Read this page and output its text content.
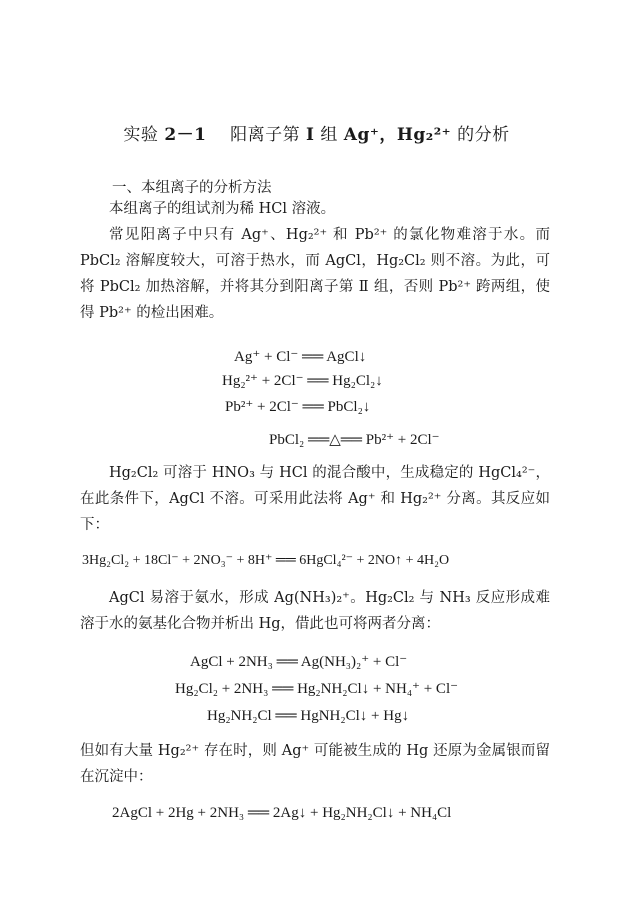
实验 2－1 阳离子第 Ⅰ 组 Ag⁺，Hg₂²⁺ 的分析
一、本组离子的分析方法
本组离子的组试剂为稀 HCl 溶液。
常见阳离子中只有 Ag⁺、Hg₂²⁺ 和 Pb²⁺ 的氯化物难溶于水。而 PbCl₂ 溶解度较大，可溶于热水，而 AgCl，Hg₂Cl₂ 则不溶。为此，可将 PbCl₂ 加热溶解，并将其分到阳离子第 Ⅱ 组，否则 Pb²⁺ 跨两组，使得 Pb²⁺ 的检出困难。
Ag⁺ + Cl⁻ ══ AgCl↓
Hg₂²⁺ + 2Cl⁻ ══ Hg₂Cl₂↓
Pb²⁺ + 2Cl⁻ ══ PbCl₂↓
PbCl₂ ══△══ Pb²⁺ + 2Cl⁻
Hg₂Cl₂ 可溶于 HNO₃ 与 HCl 的混合酸中，生成稳定的 HgCl₄²⁻，在此条件下，AgCl 不溶。可采用此法将 Ag⁺ 和 Hg₂²⁺ 分离。其反应如下：
3Hg₂Cl₂ + 18Cl⁻ + 2NO₃⁻ + 8H⁺ ══ 6HgCl₄²⁻ + 2NO↑ + 4H₂O
AgCl 易溶于氨水，形成 Ag(NH₃)₂⁺。Hg₂Cl₂ 与 NH₃ 反应形成难溶于水的氨基化合物并析出 Hg，借此也可将两者分离：
AgCl + 2NH₃ ══ Ag(NH₃)₂⁺ + Cl⁻
Hg₂Cl₂ + 2NH₃ ══ Hg₂NH₂Cl↓ + NH₄⁺ + Cl⁻
Hg₂NH₂Cl ══ HgNH₂Cl↓ + Hg↓
但如有大量 Hg₂²⁺ 存在时，则 Ag⁺ 可能被生成的 Hg 还原为金属银而留在沉淀中：
2AgCl + 2Hg + 2NH₃ ══ 2Ag↓ + Hg₂NH₂Cl↓ + NH₄Cl
